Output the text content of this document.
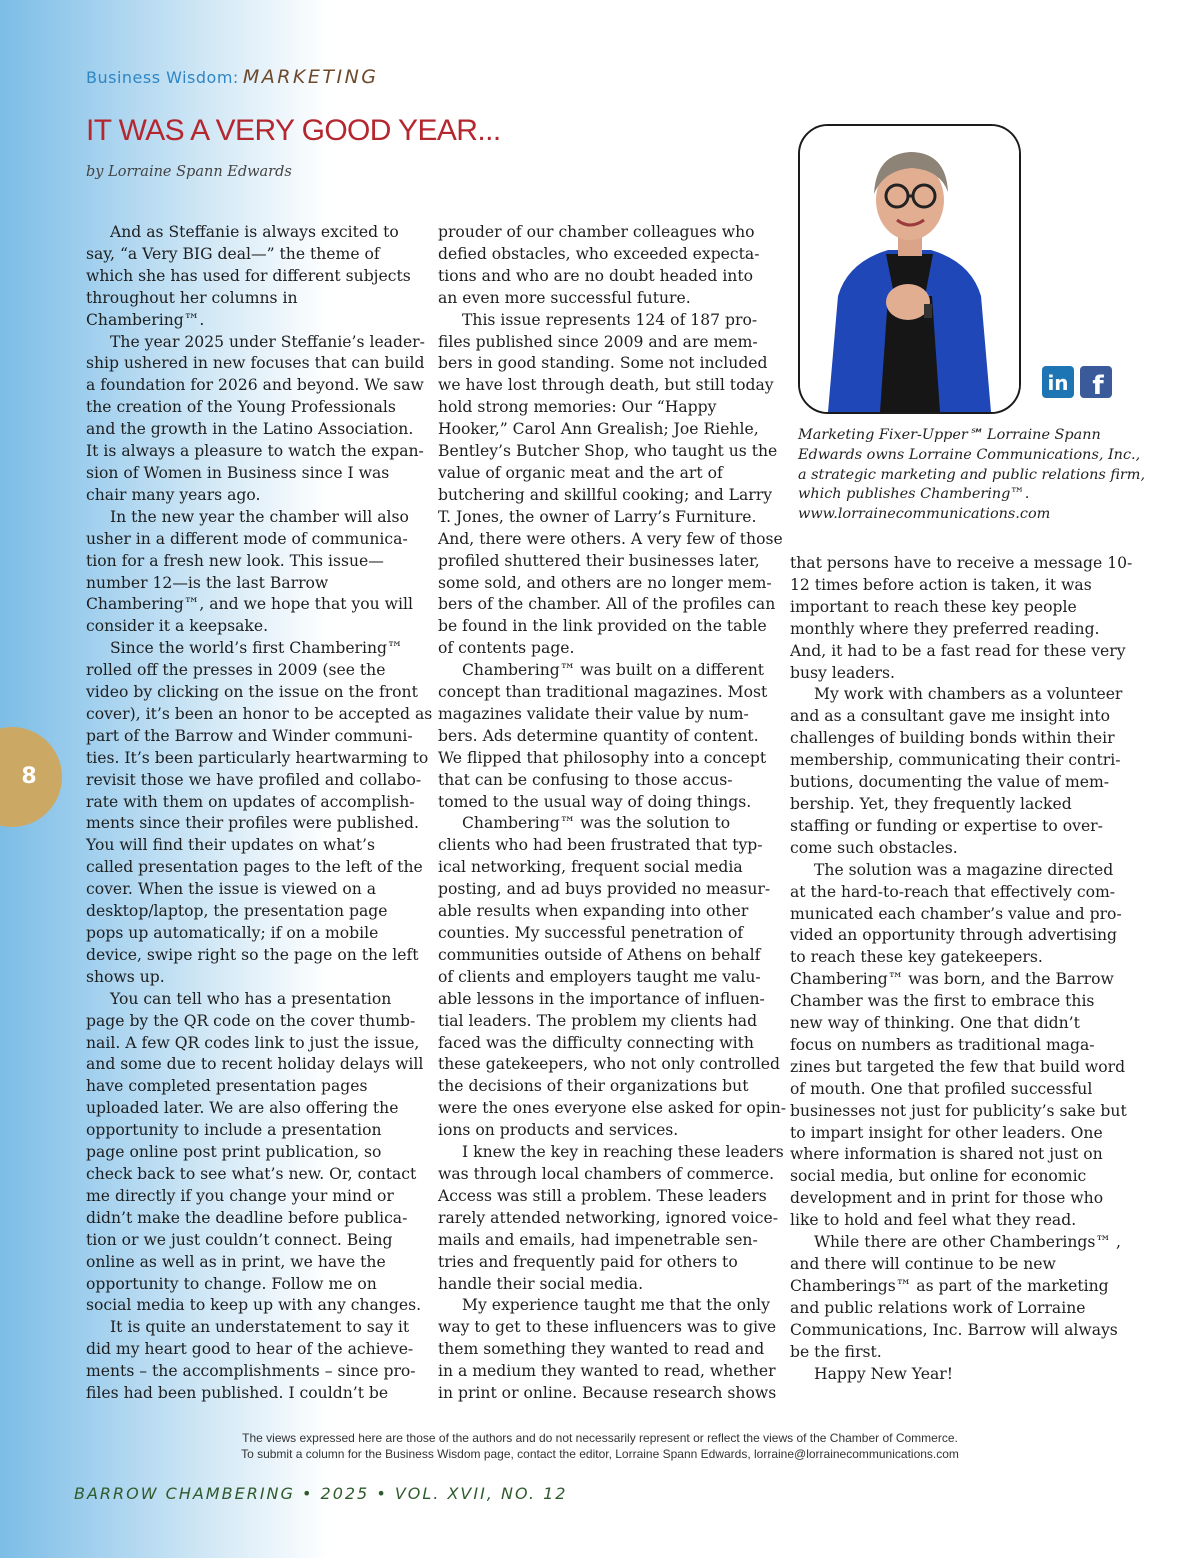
8
Business Wisdom: MARKETING
IT WAS A VERY GOOD YEAR...
by Lorraine Spann Edwards

And as Steffanie is always excited to

say, “a Very BIG deal—” the theme of

which she has used for different subjects

throughout her columns in

Chambering™.

The year 2025 under Steffanie’s leader-

ship ushered in new focuses that can build

a foundation for 2026 and beyond. We saw

the creation of the Young Professionals

and the growth in the Latino Association.

It is always a pleasure to watch the expan-

sion of Women in Business since I was

chair many years ago.

In the new year the chamber will also

usher in a different mode of communica-

tion for a fresh new look. This issue—

number 12—is the last Barrow

Chambering™, and we hope that you will

consider it a keepsake.

Since the world’s first Chambering™

rolled off the presses in 2009 (see the

video by clicking on the issue on the front

cover), it’s been an honor to be accepted as

part of the Barrow and Winder communi-

ties. It’s been particularly heartwarming to

revisit those we have profiled and collabo-

rate with them on updates of accomplish-

ments since their profiles were published.

You will find their updates on what’s

called presentation pages to the left of the

cover. When the issue is viewed on a

desktop/laptop, the presentation page

pops up automatically; if on a mobile

device, swipe right so the page on the left

shows up.

You can tell who has a presentation

page by the QR code on the cover thumb-

nail. A few QR codes link to just the issue,

and some due to recent holiday delays will

have completed presentation pages

uploaded later. We are also offering the

opportunity to include a presentation

page online post print publication, so

check back to see what’s new. Or, contact

me directly if you change your mind or

didn’t make the deadline before publica-

tion or we just couldn’t connect. Being

online as well as in print, we have the

opportunity to change. Follow me on

social media to keep up with any changes.

It is quite an understatement to say it

did my heart good to hear of the achieve-

ments – the accomplishments – since pro-

files had been published. I couldn’t be

prouder of our chamber colleagues who

defied obstacles, who exceeded expecta-

tions and who are no doubt headed into

an even more successful future.

This issue represents 124 of 187 pro-

files published since 2009 and are mem-

bers in good standing. Some not included

we have lost through death, but still today

hold strong memories: Our “Happy

Hooker,” Carol Ann Grealish; Joe Riehle,

Bentley’s Butcher Shop, who taught us the

value of organic meat and the art of

butchering and skillful cooking; and Larry

T. Jones, the owner of Larry’s Furniture.

And, there were others. A very few of those

profiled shuttered their businesses later,

some sold, and others are no longer mem-

bers of the chamber. All of the profiles can

be found in the link provided on the table

of contents page.

Chambering™ was built on a different

concept than traditional magazines. Most

magazines validate their value by num-

bers. Ads determine quantity of content.

We flipped that philosophy into a concept

that can be confusing to those accus-

tomed to the usual way of doing things.

Chambering™ was the solution to

clients who had been frustrated that typ-

ical networking, frequent social media

posting, and ad buys provided no measur-

able results when expanding into other

counties. My successful penetration of

communities outside of Athens on behalf

of clients and employers taught me valu-

able lessons in the importance of influen-

tial leaders. The problem my clients had

faced was the difficulty connecting with

these gatekeepers, who not only controlled

the decisions of their organizations but

were the ones everyone else asked for opin-

ions on products and services.

I knew the key in reaching these leaders

was through local chambers of commerce.

Access was still a problem. These leaders

rarely attended networking, ignored voice-

mails and emails, had impenetrable sen-

tries and frequently paid for others to

handle their social media.

My experience taught me that the only

way to get to these influencers was to give

them something they wanted to read and

in a medium they wanted to read, whether

in print or online. Because research shows

that persons have to receive a message 10-

12 times before action is taken, it was

important to reach these key people

monthly where they preferred reading.

And, it had to be a fast read for these very

busy leaders.

My work with chambers as a volunteer

and as a consultant gave me insight into

challenges of building bonds within their

membership, communicating their contri-

butions, documenting the value of mem-

bership. Yet, they frequently lacked

staffing or funding or expertise to over-

come such obstacles.

The solution was a magazine directed

at the hard-to-reach that effectively com-

municated each chamber’s value and pro-

vided an opportunity through advertising

to reach these key gatekeepers.

Chambering™ was born, and the Barrow

Chamber was the first to embrace this

new way of thinking. One that didn’t

focus on numbers as traditional maga-

zines but targeted the few that build word

of mouth. One that profiled successful

businesses not just for publicity’s sake but

to impart insight for other leaders. One

where information is shared not just on

social media, but online for economic

development and in print for those who

like to hold and feel what they read.

While there are other Chamberings™ ,

and there will continue to be new

Chamberings™ as part of the marketing

and public relations work of Lorraine

Communications, Inc. Barrow will always

be the first.

Happy New Year!

in f

Marketing Fixer-Upper℠ Lorraine Spann

Edwards owns Lorraine Communications, Inc.,

a strategic marketing and public relations firm,

which publishes Chambering™.

www.lorrainecommunications.com

The views expressed here are those of the authors and do not necessarily represent or reflect the views of the Chamber of Commerce.

To submit a column for the Business Wisdom page, contact the editor, Lorraine Spann Edwards, lorraine@lorrainecommunications.com

BARROW CHAMBERING • 2025 • VOL. XVII, NO. 12
